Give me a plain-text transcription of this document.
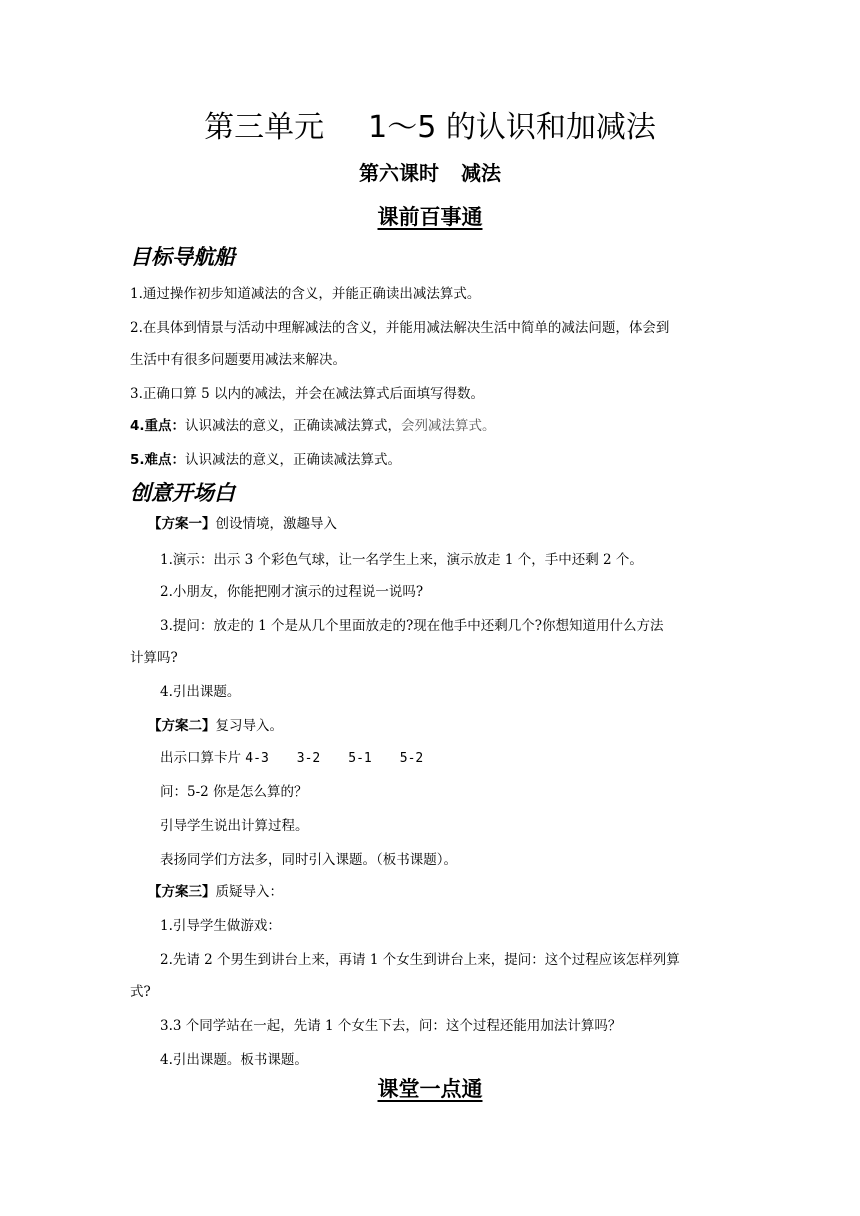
第三单元 1～5 的认识和加减法
第六课时 减法
课前百事通
目标导航船
1.通过操作初步知道减法的含义，并能正确读出减法算式。
2.在具体到情景与活动中理解减法的含义，并能用减法解决生活中简单的减法问题，体会到
生活中有很多问题要用减法来解决。
3.正确口算 5 以内的减法，并会在减法算式后面填写得数。
4.重点：认识减法的意义，正确读减法算式，会列减法算式。
5.难点：认识减法的意义，正确读减法算式。
创意开场白
【方案一】创设情境，激趣导入
1.演示：出示 3 个彩色气球，让一名学生上来，演示放走 1 个，手中还剩 2 个。
2.小朋友，你能把刚才演示的过程说一说吗?
3.提问：放走的 1 个是从几个里面放走的?现在他手中还剩几个?你想知道用什么方法
计算吗?
4.引出课题。
【方案二】复习导入。
出示口算卡片 4-3 3-2 5-1 5-2
问：5-2 你是怎么算的？
引导学生说出计算过程。
表扬同学们方法多，同时引入课题。（板书课题）。
【方案三】质疑导入：
1.引导学生做游戏：
2.先请 2 个男生到讲台上来，再请 1 个女生到讲台上来，提问：这个过程应该怎样列算
式?
3.3 个同学站在一起，先请 1 个女生下去，问：这个过程还能用加法计算吗？
4.引出课题。板书课题。
课堂一点通
